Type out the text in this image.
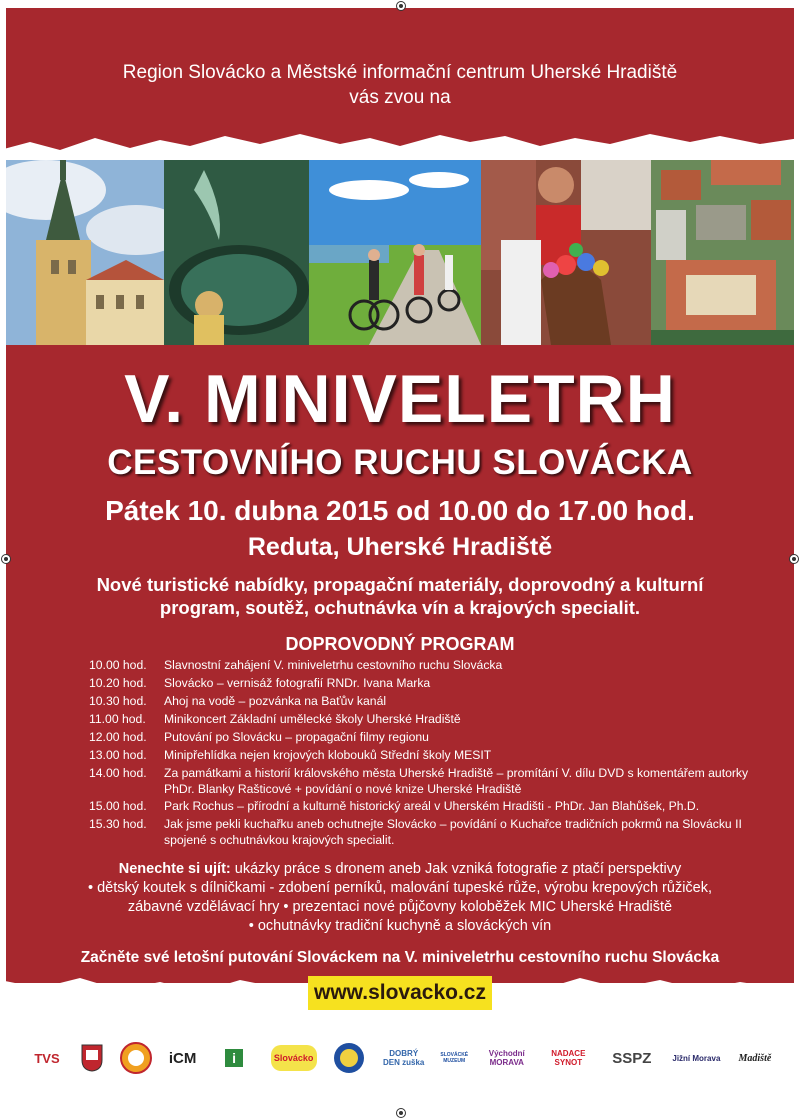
Region Slovácko a Městské informační centrum Uherské Hradiště
vás zvou na
V. MINIVELETRH
CESTOVNÍHO RUCHU SLOVÁCKA
Pátek 10. dubna 2015 od 10.00 do 17.00 hod.
Reduta, Uherské Hradiště
Nové turistické nabídky, propagační materiály, doprovodný a kulturní program, soutěž, ochutnávka vín a krajových specialit.
DOPROVODNÝ PROGRAM
10.00 hod.	Slavnostní zahájení V. miniveletrhu cestovního ruchu Slovácka
10.20 hod.	Slovácko – vernisáž fotografií RNDr. Ivana Marka
10.30 hod.	Ahoj na vodě – pozvánka na Baťův kanál
11.00 hod.	Minikoncert Základní umělecké školy Uherské Hradiště
12.00 hod.	Putování po Slovácku – propagační filmy regionu
13.00 hod.	Minipřehlídka nejen krojových klobouků Střední školy MESIT
14.00 hod.	Za památkami a historií královského města Uherské Hradiště – promítání V. dílu DVD s komentářem autorky PhDr. Blanky Rašticové + povídání o nové knize Uherské Hradiště
15.00 hod.	Park Rochus – přírodní a kulturně historický areál v Uherském Hradišti - PhDr. Jan Blahůšek, Ph.D.
15.30 hod.	Jak jsme pekli kuchařku aneb ochutnejte Slovácko – povídání o Kuchařce tradičních pokrmů na Slovácku II spojené s ochutnávkou krajových specialit.
Nenechte si ujít: ukázky práce s dronem aneb Jak vzniká fotografie z ptačí perspektivy
• dětský koutek s dílničkami - zdobení perníků, malování tupeské růže, výrobu krepových růžiček,
zábavné vzdělávací hry • prezentaci nové půjčovny koloběžek MIC Uherské Hradiště
• ochutnávky tradiční kuchyně a slováckých vín
Začněte své letošní putování Slováckem na V. miniveletrhu cestovního ruchu Slovácka
www.slovacko.cz
TVS	iCM	i	Slovácko	DOBRÝ DEN zuška
SLOVÁCKÉ MUZEUM
Východní MORAVA
NADACE SYNOT	SSPZ	Jižní Morava	Madiště
